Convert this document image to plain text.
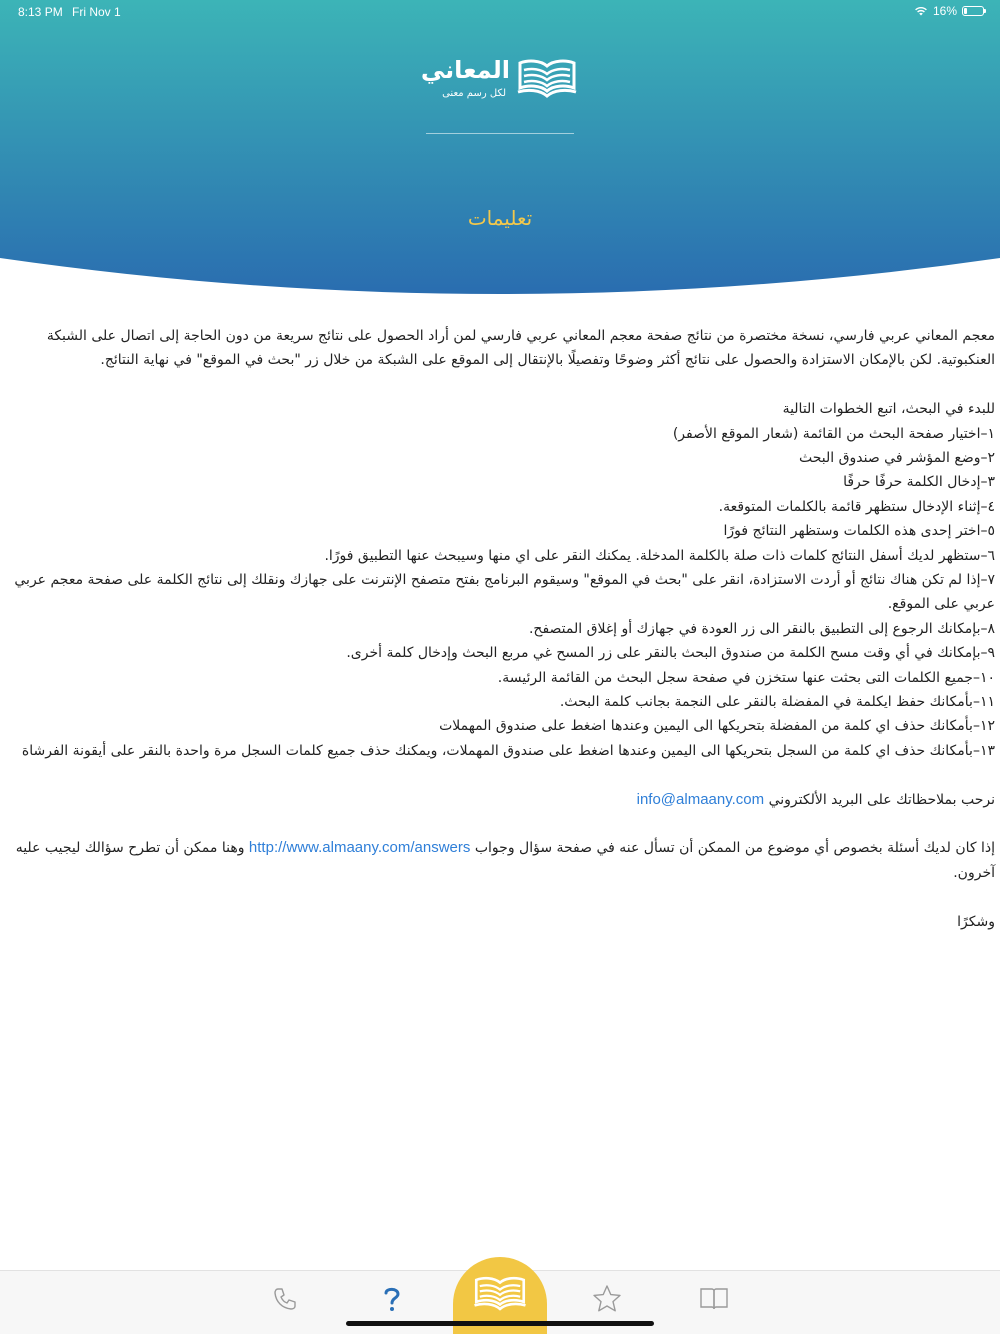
8:13 PM Fri Nov 1	16%
المعاني
لكل رسم معنى
تعليمات

معجم المعاني عربي فارسي، نسخة مختصرة من نتائج صفحة معجم المعاني عربي فارسي لمن أراد الحصول على نتائج سريعة من دون الحاجة إلى اتصال على الشبكة العنكبوتية. لكن بالإمكان الاستزادة والحصول على نتائج أكثر وضوحًا وتفصيلًا بالإنتقال إلى الموقع على الشبكة من خلال زر "بحث في الموقع" في نهاية النتائج.

للبدء في البحث، اتبع الخطوات التالية

١–اختيار صفحة البحث من القائمة (شعار الموقع الأصفر)

٢–وضع المؤشر في صندوق البحث

٣–إدخال الكلمة حرفًا حرفًا

٤–إثناء الإدخال ستظهر قائمة بالكلمات المتوقعة.

٥–اختر إحدى هذه الكلمات وستظهر النتائج فورًا

٦–ستظهر لديك أسفل النتائج كلمات ذات صلة بالكلمة المدخلة. يمكنك النقر على اي منها وسيبحث عنها التطبيق فورًا.

٧–إذا لم تكن هناك نتائج أو أردت الاستزادة، انقر على "بحث في الموقع" وسيقوم البرنامج بفتح متصفح الإنترنت على جهازك ونقلك إلى نتائج الكلمة على صفحة معجم عربي عربي على الموقع.

٨–بإمكانك الرجوع إلى التطبيق بالنقر الى زر العودة في جهازك أو إغلاق المتصفح.

٩–بإمكانك في أي وقت مسح الكلمة من صندوق البحث بالنقر على زر المسح غي مربع البحث وإدخال كلمة أخرى.

١٠–جميع الكلمات التى بحثت عنها ستخزن في صفحة سجل البحث من القائمة الرئيسة.

١١–بأمكانك حفظ ايكلمة في المفضلة بالنقر على النجمة بجانب كلمة البحث.

١٢–بأمكانك حذف اي كلمة من المفضلة بتحريكها الى اليمين وعندها اضغط على صندوق المهملات

١٣–بأمكانك حذف اي كلمة من السجل بتحريكها الى اليمين وعندها اضغط على صندوق المهملات، ويمكنك حذف جميع كلمات السجل مرة واحدة بالنقر على أيقونة الفرشاة

نرحب بملاحظاتك على البريد الألكتروني info@almaany.com

إذا كان لديك أسئلة بخصوص أي موضوع من الممكن أن تسأل عنه في صفحة سؤال وجواب http://www.almaany.com/answers وهنا ممكن أن تطرح سؤالك ليجيب عليه آخرون.

وشكرًا
